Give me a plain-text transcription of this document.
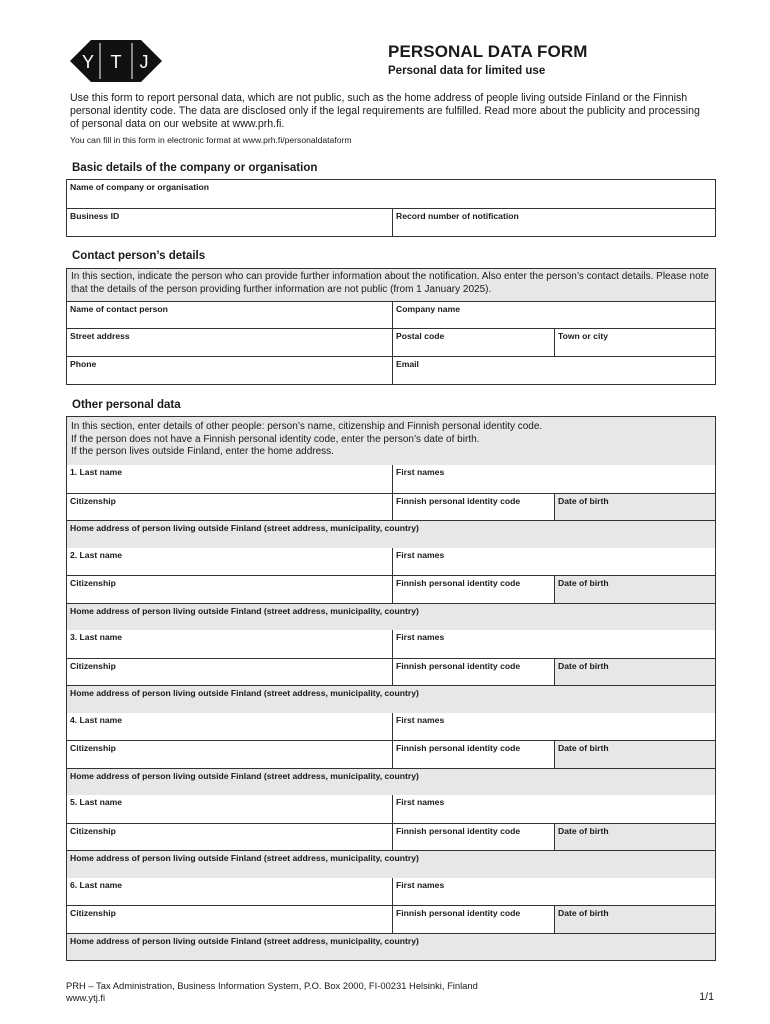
Y T J
PERSONAL DATA FORM
Personal data for limited use
Use this form to report personal data, which are not public, such as the home address of people living outside Finland or the Finnish personal identity code. The data are disclosed only if the legal requirements are fulfilled. Read more about the publicity and processing of personal data on our website at www.prh.fi.
You can fill in this form in electronic format at www.prh.fi/personaldataform
Basic details of the company or organisation
Name of company or organisation
Business ID	Record number of notification
Contact person’s details
In this section, indicate the person who can provide further information about the notification. Also enter the person’s contact details. Please note that the details of the person providing further information are not public (from 1 January 2025).
Name of contact person	Company name
Street address	Postal code	Town or city
Phone	Email
Other personal data
In this section, enter details of other people: person’s name, citizenship and Finnish personal identity code.
If the person does not have a Finnish personal identity code, enter the person’s date of birth.
If the person lives outside Finland, enter the home address.
1. Last name	First names
Citizenship	Finnish personal identity code	Date of birth
Home address of person living outside Finland (street address, municipality, country)
2. Last name	First names
Citizenship	Finnish personal identity code	Date of birth
Home address of person living outside Finland (street address, municipality, country)
3. Last name	First names
Citizenship	Finnish personal identity code	Date of birth
Home address of person living outside Finland (street address, municipality, country)
4. Last name	First names
Citizenship	Finnish personal identity code	Date of birth
Home address of person living outside Finland (street address, municipality, country)
5. Last name	First names
Citizenship	Finnish personal identity code	Date of birth
Home address of person living outside Finland (street address, municipality, country)
6. Last name	First names
Citizenship	Finnish personal identity code	Date of birth
Home address of person living outside Finland (street address, municipality, country)
PRH – Tax Administration, Business Information System, P.O. Box 2000, FI-00231 Helsinki, Finland
www.ytj.fi	1/1
